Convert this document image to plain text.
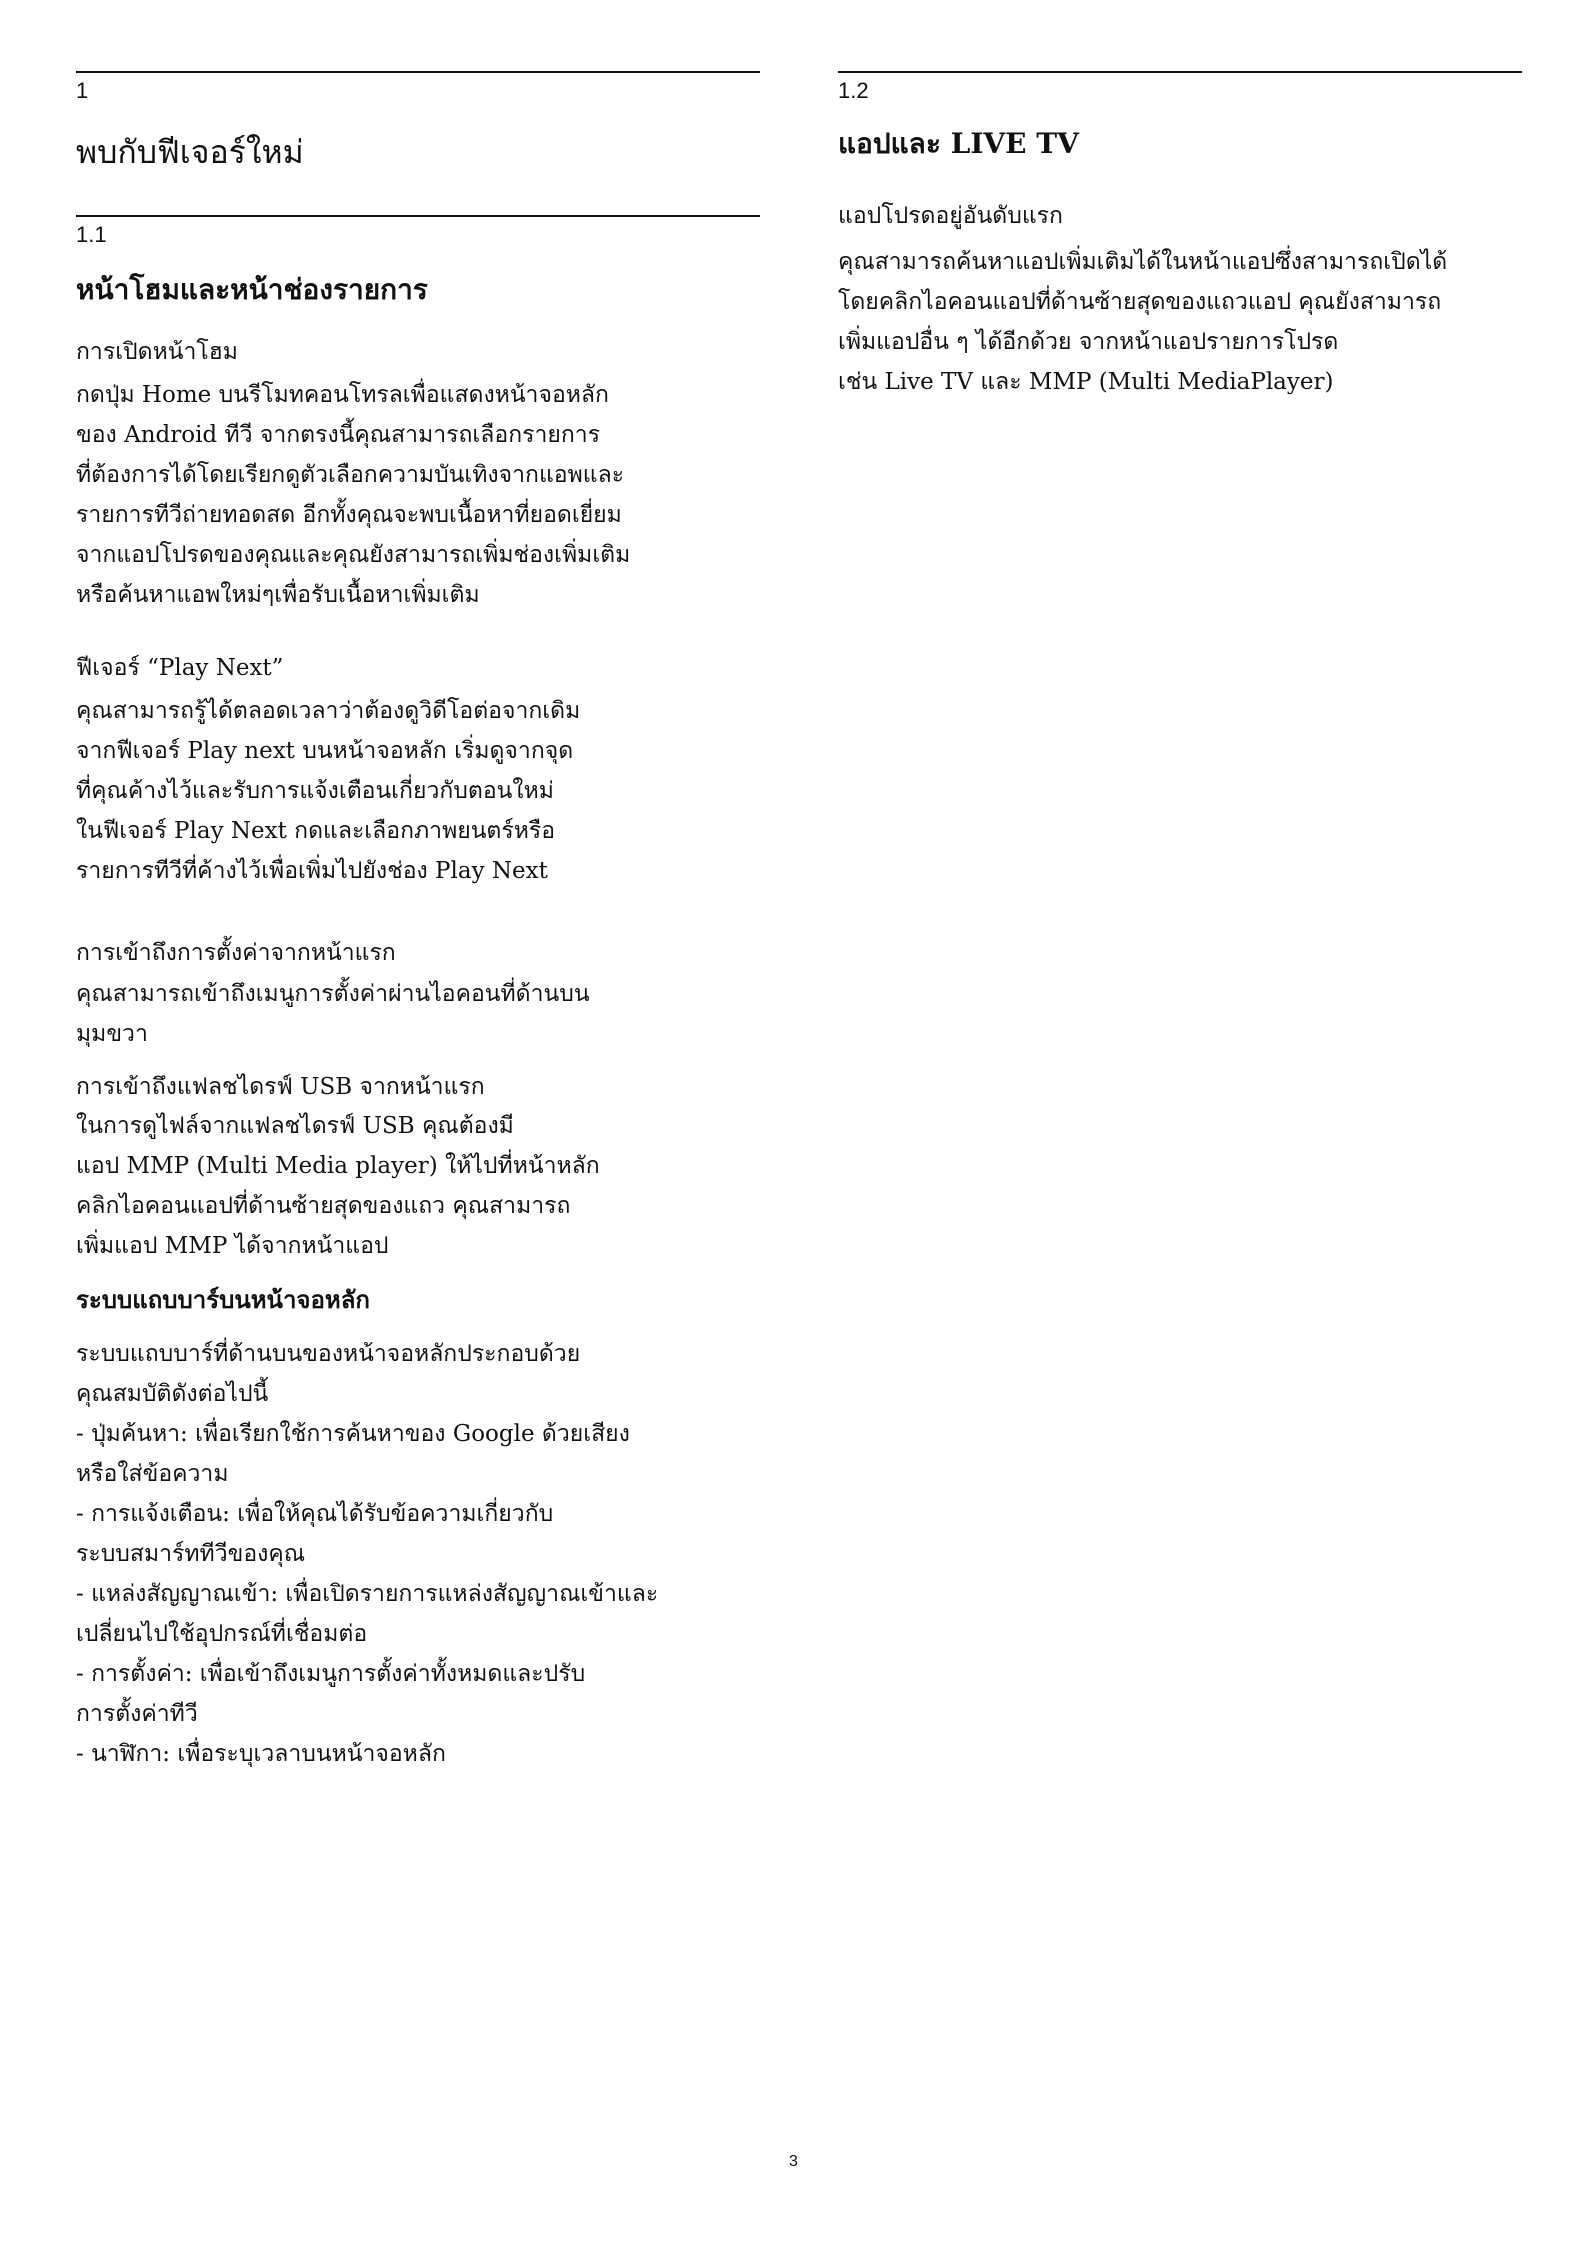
1
พบกับฟีเจอร์ใหม่
1.1
หน้าโฮมและหน้าช่องรายการ

การเปิดหน้าโฮม

กดปุ่ม Home บนรีโมทคอนโทรลเพื่อแสดงหน้าจอหลัก
ของ Android ทีวี จากตรงนี้คุณสามารถเลือกรายการ
ที่ต้องการได้โดยเรียกดูตัวเลือกความบันเทิงจากแอพและ
รายการทีวีถ่ายทอดสด อีกทั้งคุณจะพบเนื้อหาที่ยอดเยี่ยม
จากแอปโปรดของคุณและคุณยังสามารถเพิ่มช่องเพิ่มเติม
หรือค้นหาแอพใหม่ๆเพื่อรับเนื้อหาเพิ่มเติม

ฟีเจอร์ “Play Next”

คุณสามารถรู้ได้ตลอดเวลาว่าต้องดูวิดีโอต่อจากเดิม
จากฟีเจอร์ Play next บนหน้าจอหลัก เริ่มดูจากจุด
ที่คุณค้างไว้และรับการแจ้งเตือนเกี่ยวกับตอนใหม่
ในฟีเจอร์ Play Next กดและเลือกภาพยนตร์หรือ
รายการทีวีที่ค้างไว้เพื่อเพิ่มไปยังช่อง Play Next

การเข้าถึงการตั้งค่าจากหน้าแรก

คุณสามารถเข้าถึงเมนูการตั้งค่าผ่านไอคอนที่ด้านบน
มุมขวา

การเข้าถึงแฟลชไดรฟ์ USB จากหน้าแรก

ในการดูไฟล์จากแฟลชไดรฟ์ USB คุณต้องมี
แอป MMP (Multi Media player) ให้ไปที่หน้าหลัก
คลิกไอคอนแอปที่ด้านซ้ายสุดของแถว คุณสามารถ
เพิ่มแอป MMP ได้จากหน้าแอป

ระบบแถบบาร์บนหน้าจอหลัก
ระบบแถบบาร์ที่ด้านบนของหน้าจอหลักประกอบด้วย
คุณสมบัติดังต่อไปนี้
- ปุ่มค้นหา: เพื่อเรียกใช้การค้นหาของ Google ด้วยเสียง
หรือใส่ข้อความ
- การแจ้งเตือน: เพื่อให้คุณได้รับข้อความเกี่ยวกับ
ระบบสมาร์ททีวีของคุณ
- แหล่งสัญญาณเข้า: เพื่อเปิดรายการแหล่งสัญญาณเข้าและ
เปลี่ยนไปใช้อุปกรณ์ที่เชื่อมต่อ
- การตั้งค่า: เพื่อเข้าถึงเมนูการตั้งค่าทั้งหมดและปรับ
การตั้งค่าทีวี
- นาฬิกา: เพื่อระบุเวลาบนหน้าจอหลัก
1.2
แอปและ LIVE TV

แอปโปรดอยู่อันดับแรก

คุณสามารถค้นหาแอปเพิ่มเติมได้ในหน้าแอปซึ่งสามารถเปิดได้
โดยคลิกไอคอนแอปที่ด้านซ้ายสุดของแถวแอป คุณยังสามารถ
เพิ่มแอปอื่น ๆ ได้อีกด้วย จากหน้าแอปรายการโปรด
เช่น Live TV และ MMP (Multi MediaPlayer)

3
